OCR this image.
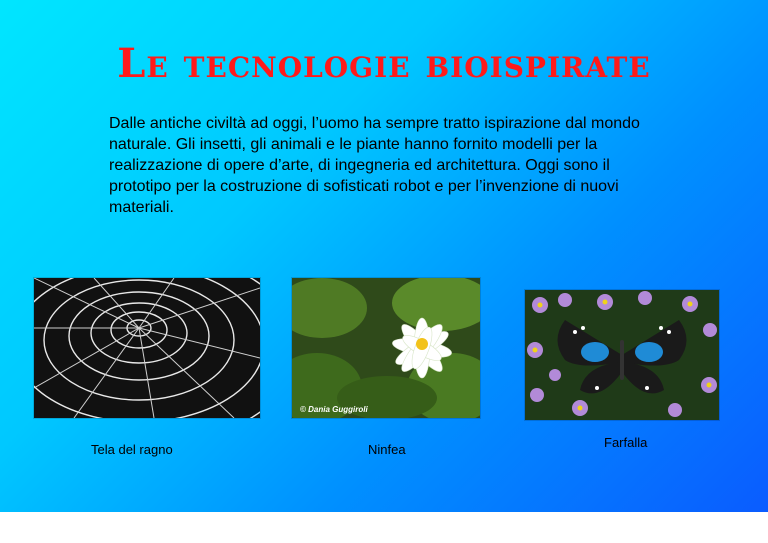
Le tecnologie bioispirate
Dalle antiche civiltà ad oggi, l’uomo ha sempre tratto ispirazione dal mondo naturale. Gli insetti, gli animali e le piante hanno fornito modelli per la realizzazione di opere d’arte, di ingegneria ed architettura. Oggi sono il prototipo per la costruzione di sofisticati robot e per l’invenzione di nuovi materiali.
© Dania Guggiroli
Tela del ragno	Ninfea	Farfalla
